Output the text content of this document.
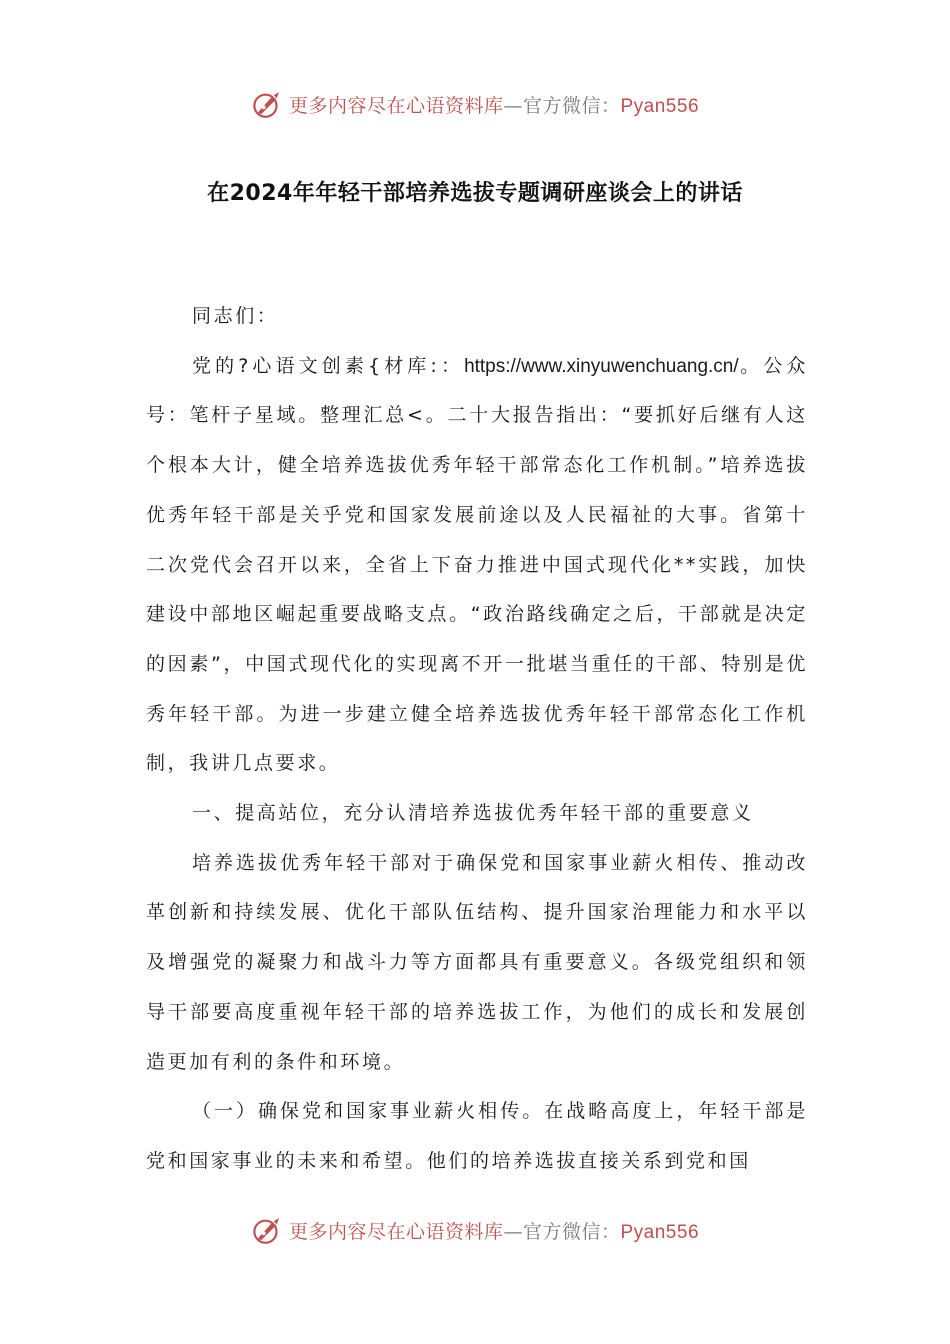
更多内容尽在心语资料库—官方微信：Pyan556
在2024年年轻干部培养选拔专题调研座谈会上的讲话

同志们：

党的?心语文创素{材库:：https://www.xinyuwenchuang.cn/。公众号：笔杆子星域。整理汇总<。二十大报告指出：“要抓好后继有人这个根本大计，健全培养选拔优秀年轻干部常态化工作机制。”培养选拔优秀年轻干部是关乎党和国家发展前途以及人民福祉的大事。省第十二次党代会召开以来，全省上下奋力推进中国式现代化**实践，加快建设中部地区崛起重要战略支点。“政治路线确定之后，干部就是决定的因素”，中国式现代化的实现离不开一批堪当重任的干部、特别是优秀年轻干部。为进一步建立健全培养选拔优秀年轻干部常态化工作机制，我讲几点要求。

一、提高站位，充分认清培养选拔优秀年轻干部的重要意义

培养选拔优秀年轻干部对于确保党和国家事业薪火相传、推动改革创新和持续发展、优化干部队伍结构、提升国家治理能力和水平以及增强党的凝聚力和战斗力等方面都具有重要意义。各级党组织和领导干部要高度重视年轻干部的培养选拔工作，为他们的成长和发展创造更加有利的条件和环境。

（一）确保党和国家事业薪火相传。在战略高度上，年轻干部是党和国家事业的未来和希望。他们的培养选拔直接关系到党和国

更多内容尽在心语资料库—官方微信：Pyan556
